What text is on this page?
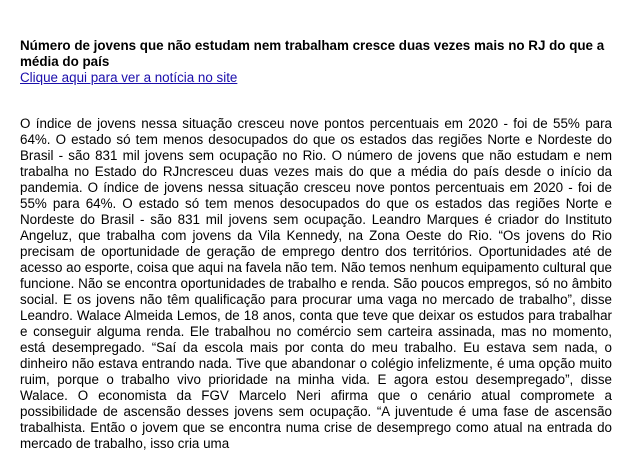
Número de jovens que não estudam nem trabalham cresce duas vezes mais no RJ do que a média do país
Clique aqui para ver a notícia no site

O índice de jovens nessa situação cresceu nove pontos percentuais em 2020 - foi de 55% para 64%. O estado só tem menos desocupados do que os estados das regiões Norte e Nordeste do Brasil - são 831 mil jovens sem ocupação no Rio. O número de jovens que não estudam e nem trabalha no Estado do RJncresceu duas vezes mais do que a média do país desde o início da pandemia. O índice de jovens nessa situação cresceu nove pontos percentuais em 2020 - foi de 55% para 64%. O estado só tem menos desocupados do que os estados das regiões Norte e Nordeste do Brasil - são 831 mil jovens sem ocupação. Leandro Marques é criador do Instituto Angeluz, que trabalha com jovens da Vila Kennedy, na Zona Oeste do Rio. “Os jovens do Rio precisam de oportunidade de geração de emprego dentro dos territórios. Oportunidades até de acesso ao esporte, coisa que aqui na favela não tem. Não temos nenhum equipamento cultural que funcione. Não se encontra oportunidades de trabalho e renda. São poucos empregos, só no âmbito social. E os jovens não têm qualificação para procurar uma vaga no mercado de trabalho”, disse Leandro. Walace Almeida Lemos, de 18 anos, conta que teve que deixar os estudos para trabalhar e conseguir alguma renda. Ele trabalhou no comércio sem carteira assinada, mas no momento, está desempregado. “Saí da escola mais por conta do meu trabalho. Eu estava sem nada, o dinheiro não estava entrando nada. Tive que abandonar o colégio infelizmente, é uma opção muito ruim, porque o trabalho vivo prioridade na minha vida. E agora estou desempregado”, disse Walace. O economista da FGV Marcelo Neri afirma que o cenário atual compromete a possibilidade de ascensão desses jovens sem ocupação. “A juventude é uma fase de ascensão trabalhista. Então o jovem que se encontra numa crise de desemprego como atual na entrada do mercado de trabalho, isso cria uma
